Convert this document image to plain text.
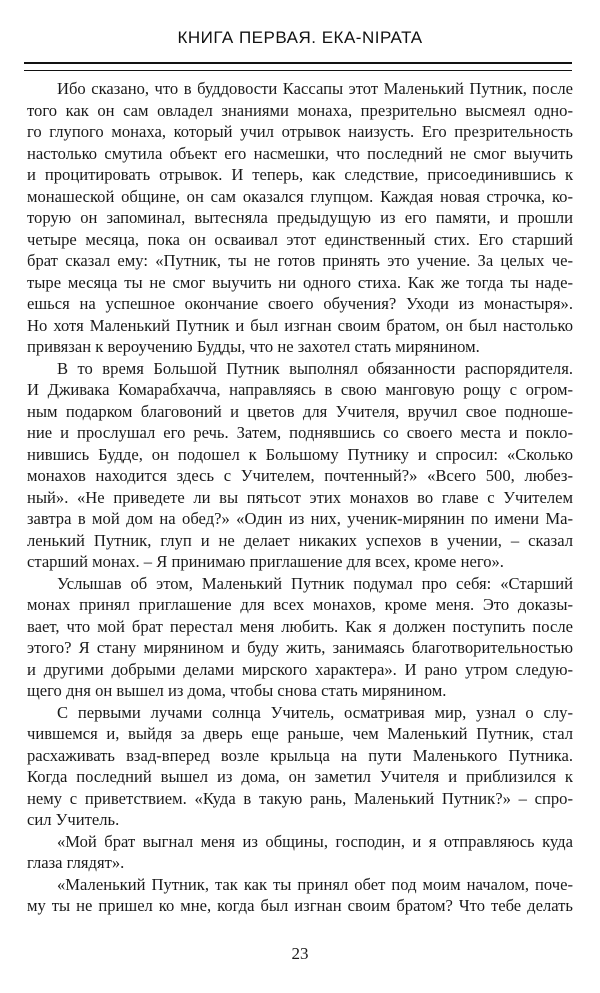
КНИГА ПЕРВАЯ. ЕКА-NIPATA
Ибо сказано, что в буддовости Кассапы этот Маленький Путник, после
того как он сам овладел знаниями монаха, презрительно высмеял одно-
го глупого монаха, который учил отрывок наизусть. Его презрительность
настолько смутила объект его насмешки, что последний не смог выучить
и процитировать отрывок. И теперь, как следствие, присоединившись к
монашеской общине, он сам оказался глупцом. Каждая новая строчка, ко-
торую он запоминал, вытесняла предыдущую из его памяти, и прошли
четыре месяца, пока он осваивал этот единственный стих. Его старший
брат сказал ему: «Путник, ты не готов принять это учение. За целых че-
тыре месяца ты не смог выучить ни одного стиха. Как же тогда ты наде-
ешься на успешное окончание своего обучения? Уходи из монастыря».
Но хотя Маленький Путник и был изгнан своим братом, он был настолько
привязан к вероучению Будды, что не захотел стать мирянином.
В то время Большой Путник выполнял обязанности распорядителя.
И Дживака Комарабхачча, направляясь в свою манговую рощу с огром-
ным подарком благовоний и цветов для Учителя, вручил свое подноше-
ние и прослушал его речь. Затем, поднявшись со своего места и покло-
нившись Будде, он подошел к Большому Путнику и спросил: «Сколько
монахов находится здесь с Учителем, почтенный?» «Всего 500, любез-
ный». «Не приведете ли вы пятьсот этих монахов во главе с Учителем
завтра в мой дом на обед?» «Один из них, ученик-мирянин по имени Ма-
ленький Путник, глуп и не делает никаких успехов в учении, – сказал
старший монах. – Я принимаю приглашение для всех, кроме него».
Услышав об этом, Маленький Путник подумал про себя: «Старший
монах принял приглашение для всех монахов, кроме меня. Это доказы-
вает, что мой брат перестал меня любить. Как я должен поступить после
этого? Я стану мирянином и буду жить, занимаясь благотворительностью
и другими добрыми делами мирского характера». И рано утром следую-
щего дня он вышел из дома, чтобы снова стать мирянином.
С первыми лучами солнца Учитель, осматривая мир, узнал о слу-
чившемся и, выйдя за дверь еще раньше, чем Маленький Путник, стал
расхаживать взад-вперед возле крыльца на пути Маленького Путника.
Когда последний вышел из дома, он заметил Учителя и приблизился к
нему с приветствием. «Куда в такую рань, Маленький Путник?» – спро-
сил Учитель.
«Мой брат выгнал меня из общины, господин, и я отправляюсь куда
глаза глядят».
«Маленький Путник, так как ты принял обет под моим началом, поче-
му ты не пришел ко мне, когда был изгнан своим братом? Что тебе делать
23
